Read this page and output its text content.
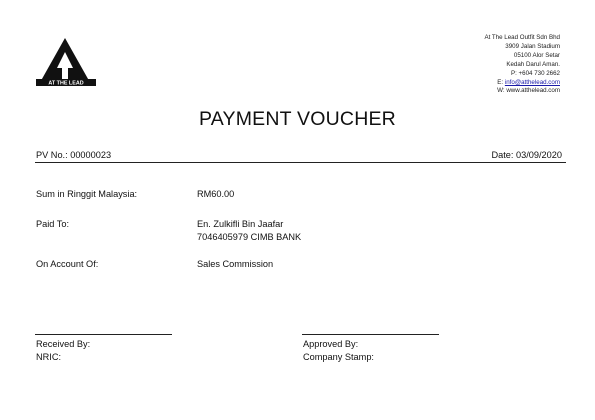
AT THE LEAD
At The Lead Outfit Sdn Bhd
3909 Jalan Stadium
05100 Alor Setar
Kedah Darul Aman.
P: +604 730 2662
E: info@atthelead.com
W: www.atthelead.com
PAYMENT VOUCHER
PV No.: 00000023	Date: 03/09/2020
Sum in Ringgit Malaysia:	RM60.00
Paid To:	En. Zulkifli Bin Jaafar
7046405979 CIMB BANK
On Account Of:	Sales Commission
Received By:
NRIC:
Approved By:
Company Stamp:
